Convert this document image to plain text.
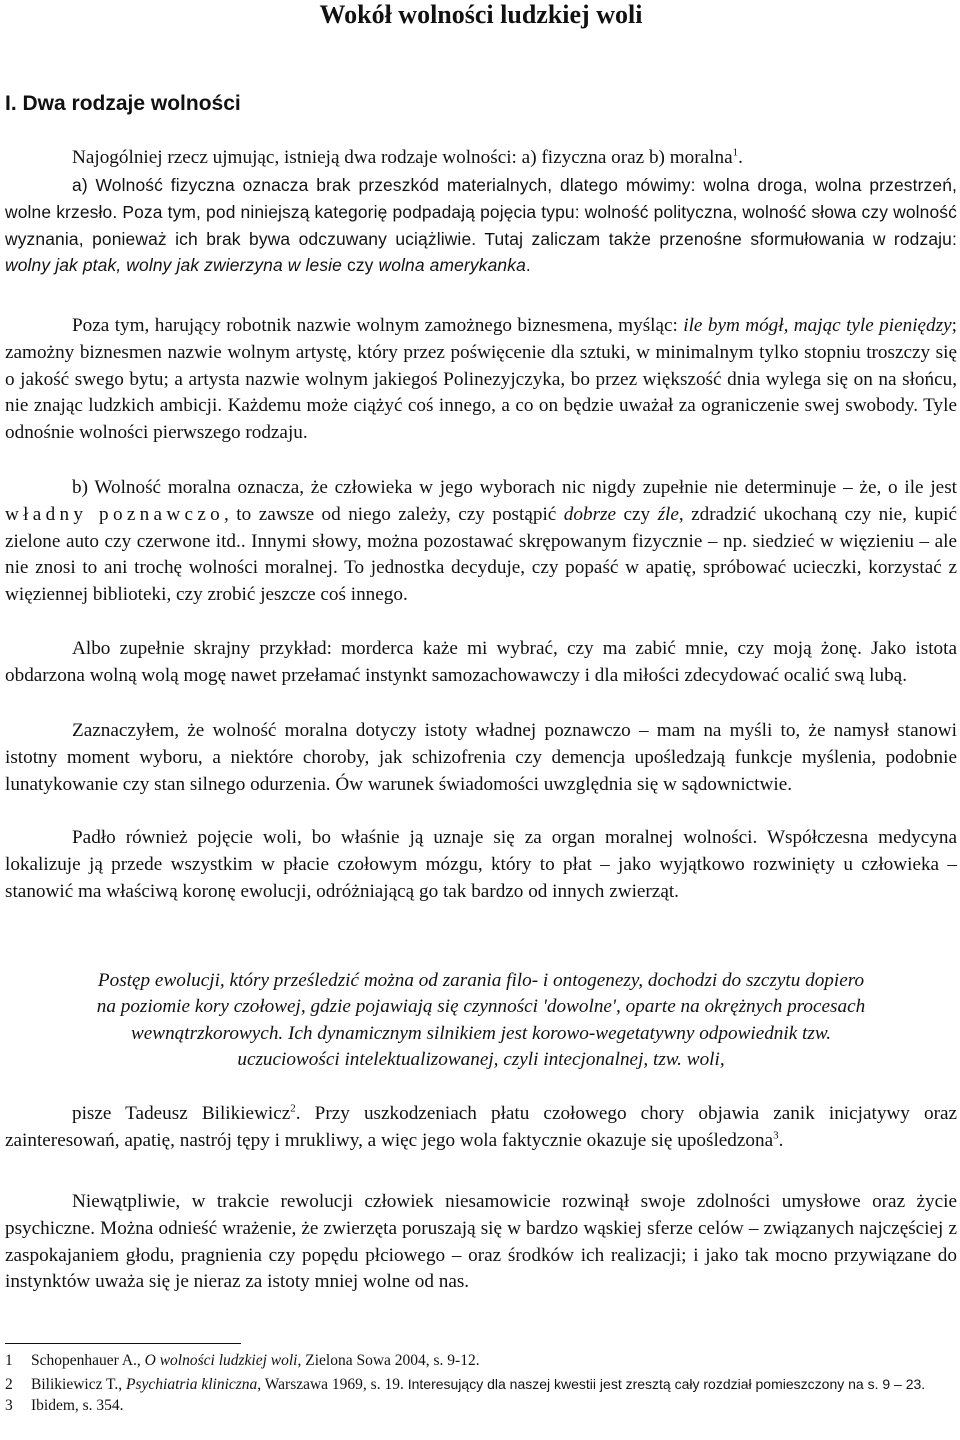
Wokół wolności ludzkiej woli
I. Dwa rodzaje wolności

Najogólniej rzecz ujmując, istnieją dwa rodzaje wolności: a) fizyczna oraz b) moralna$^1$.

a) Wolność fizyczna oznacza brak przeszkód materialnych, dlatego mówimy: wolna droga, wolna przestrzeń, wolne krzesło. Poza tym, pod niniejszą kategorię podpadają pojęcia typu: wolność polityczna, wolność słowa czy wolność wyznania, ponieważ ich brak bywa odczuwany uciążliwie. Tutaj zaliczam także przenośne sformułowania w rodzaju: wolny jak ptak, wolny jak zwierzyna w lesie czy wolna amerykanka.

Poza tym, harujący robotnik nazwie wolnym zamożnego biznesmena, myśląc: ile bym mógł, mając tyle pieniędzy; zamożny biznesmen nazwie wolnym artystę, który przez poświęcenie dla sztuki, w minimalnym tylko stopniu troszczy się o jakość swego bytu; a artysta nazwie wolnym jakiegoś Polinezyjczyka, bo przez większość dnia wylega się on na słońcu, nie znając ludzkich ambicji. Każdemu może ciążyć coś innego, a co on będzie uważał za ograniczenie swej swobody. Tyle odnośnie wolności pierwszego rodzaju.

b) Wolność moralna oznacza, że człowieka w jego wyborach nic nigdy zupełnie nie determinuje – że, o ile jest władny poznawczo, to zawsze od niego zależy, czy postąpić dobrze czy źle, zdradzić ukochaną czy nie, kupić zielone auto czy czerwone itd.. Innymi słowy, można pozostawać skrępowanym fizycznie – np. siedzieć w więzieniu – ale nie znosi to ani trochę wolności moralnej. To jednostka decyduje, czy popaść w apatię, spróbować ucieczki, korzystać z więziennej biblioteki, czy zrobić jeszcze coś innego.

Albo zupełnie skrajny przykład: morderca każe mi wybrać, czy ma zabić mnie, czy moją żonę. Jako istota obdarzona wolną wolą mogę nawet przełamać instynkt samozachowawczy i dla miłości zdecydować ocalić swą lubą.

Zaznaczyłem, że wolność moralna dotyczy istoty władnej poznawczo – mam na myśli to, że namysł stanowi istotny moment wyboru, a niektóre choroby, jak schizofrenia czy demencja upośledzają funkcje myślenia, podobnie lunatykowanie czy stan silnego odurzenia. Ów warunek świadomości uwzględnia się w sądownictwie.

Padło również pojęcie woli, bo właśnie ją uznaje się za organ moralnej wolności. Współczesna medycyna lokalizuje ją przede wszystkim w płacie czołowym mózgu, który to płat – jako wyjątkowo rozwinięty u człowieka – stanowić ma właściwą koronę ewolucji, odróżniającą go tak bardzo od innych zwierząt.

Postęp ewolucji, który prześledzić można od zarania filo- i ontogenezy, dochodzi do szczytu dopiero
na poziomie kory czołowej, gdzie pojawiają się czynności 'dowolne', oparte na okrężnych procesach
wewnątrzkorowych. Ich dynamicznym silnikiem jest korowo-wegetatywny odpowiednik tzw.
uczuciowości intelektualizowanej, czyli intecjonalnej, tzw. woli,

pisze Tadeusz Bilikiewicz$^2$. Przy uszkodzeniach płatu czołowego chory objawia zanik inicjatywy oraz zainteresowań, apatię, nastrój tępy i mrukliwy, a więc jego wola faktycznie okazuje się upośledzona$^3$.

Niewątpliwie, w trakcie rewolucji człowiek niesamowicie rozwinął swoje zdolności umysłowe oraz życie psychiczne. Można odnieść wrażenie, że zwierzęta poruszają się w bardzo wąskiej sferze celów – związanych najczęściej z zaspokajaniem głodu, pragnienia czy popędu płciowego – oraz środków ich realizacji; i jako tak mocno przywiązane do instynktów uważa się je nieraz za istoty mniej wolne od nas.

1	Schopenhauer A., O wolności ludzkiej woli, Zielona Sowa 2004, s. 9-12.
2	Bilikiewicz T., Psychiatria kliniczna, Warszawa 1969, s. 19. Interesujący dla naszej kwestii jest zresztą cały rozdział pomieszczony na s. 9 – 23.
3	Ibidem, s. 354.
